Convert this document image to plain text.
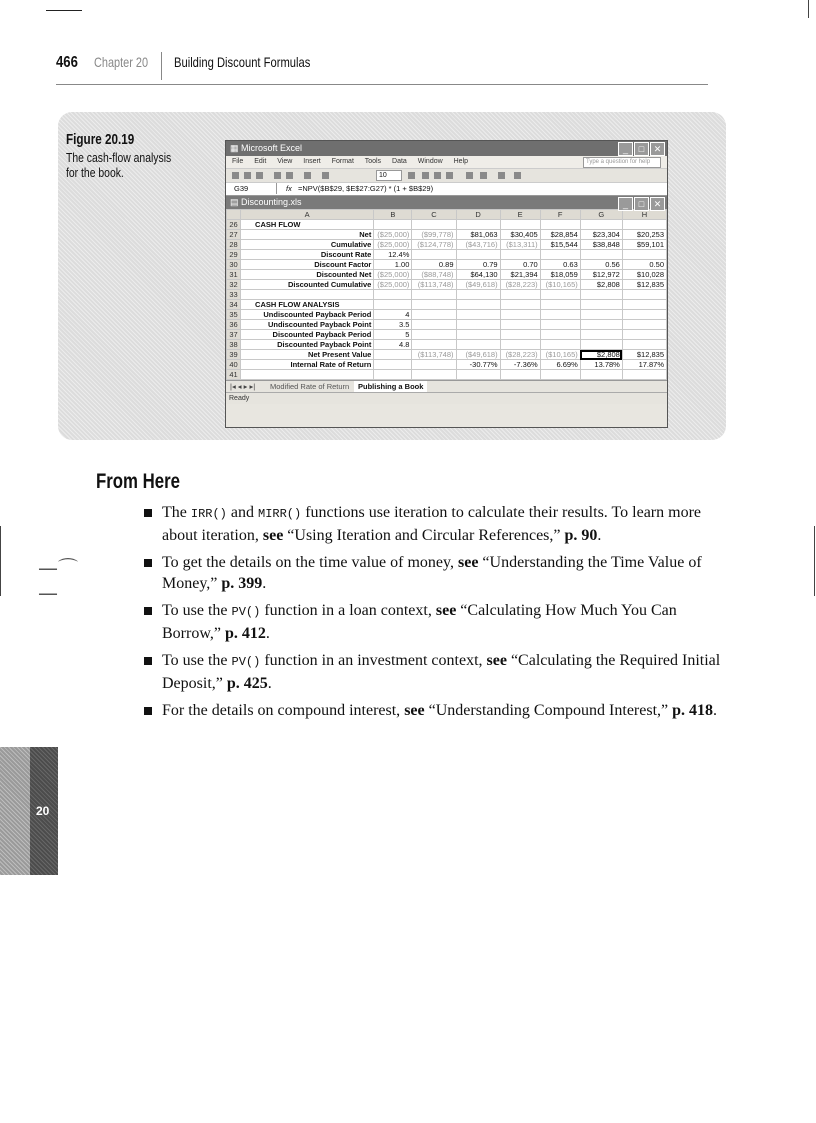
—⌒—
466 Chapter 20 Building Discount Formulas
Figure 20.19
The cash-flow analysis for the book.
▦ Microsoft Excel	_ □ ✕
File Edit View Insert Format Tools Data Window Help	Type a question for help
10
G39	fx =NPV($B$29, $E$27:G27) * (1 + $B$29)
▤ Discounting.xls	_ □ ✕
	A	B	C	D	E	F	G	H
26	CASH FLOW							
27	Net	($25,000)	($99,778)	$81,063	$30,405	$28,854	$23,304	$20,253
28	Cumulative	($25,000)	($124,778)	($43,716)	($13,311)	$15,544	$38,848	$59,101
29	Discount Rate	12.4%						
30	Discount Factor	1.00	0.89	0.79	0.70	0.63	0.56	0.50
31	Discounted Net	($25,000)	($88,748)	$64,130	$21,394	$18,059	$12,972	$10,028
32	Discounted Cumulative	($25,000)	($113,748)	($49,618)	($28,223)	($10,165)	$2,808	$12,835
33								
34	CASH FLOW ANALYSIS							
35	Undiscounted Payback Period	4						
36	Undiscounted Payback Point	3.5						
37	Discounted Payback Period	5						
38	Discounted Payback Point	4.8						
39	Net Present Value		($113,748)	($49,618)	($28,223)	($10,165)	$2,808	$12,835
40	Internal Rate of Return			-30.77%	-7.36%	6.69%	13.78%	17.87%
41								
|◂ ◂ ▸ ▸| Modified Rate of Return	Publishing a Book
Ready
From Here
The IRR() and MIRR() functions use iteration to calculate their results. To learn more about iteration, see “Using Iteration and Circular References,” p. 90.
To get the details on the time value of money, see “Understanding the Time Value of Money,” p. 399.
To use the PV() function in a loan context, see “Calculating How Much You Can Borrow,” p. 412.
To use the PV() function in an investment context, see “Calculating the Required Initial Deposit,” p. 425.
For the details on compound interest, see “Understanding Compound Interest,” p. 418.
20
